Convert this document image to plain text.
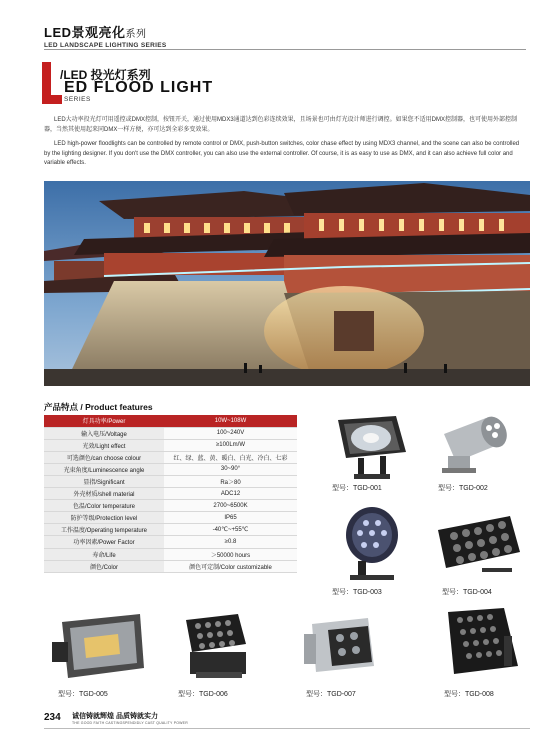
LED景观亮化系列
LED LANDSCAPE LIGHTING SERIES
/LED 投光灯系列
ED FLOOD LIGHT
SERIES

LED大功率投光灯可用遥控或DMX控制，按钮开关，通过使用MDX3通道达到色彩连续效果，且场景也可由灯光设计师进行调控。如果您不适用DMX控制器，也可使用外部控制器，当然其使用起来同DMX一样方便，亦可达到全彩多变效果。

LED high-power floodlights can be controlled by remote control or DMX, push-button switches, color chase effect by using MDX3 channel, and the scene can also be controlled by the lighting designer. If you don't use the DMX controller, you can also use the external controller. Of course, it is as easy to use as DMX, and it can also achieve full color and variable effects.

产品特点 / Product features
灯具功率/Power	10W~108W
输入电压/Voltage	100~240V
光效/Light effect	≥100Lm/W
可选颜色/can choose colour	红、绿、蓝、黄、暖白、白光、冷白、七彩
光束角度/Luminescence angle	30~90°
显指/Significant	Ra＞80
外壳材质/shell material	ADC12
色温/Color temperature	2700~6500K
防护等级/Protection level	IP65
工作温度/Operating temperature	-40℃~+55℃
功率因素/Power Factor	≥0.8
寿命/Life	＞50000 hours
颜色/Color	颜色可定制/Color customizable
型号：TGD-001	型号：TGD-002
型号：TGD-003	型号：TGD-004
型号：TGD-005	型号：TGD-006	型号：TGD-007	型号：TGD-008
234 诚信铸就辉煌 品质铸就实力
THE GOOD FAITH CASTINGSPENDIDLY CAST QUALITY POWER
